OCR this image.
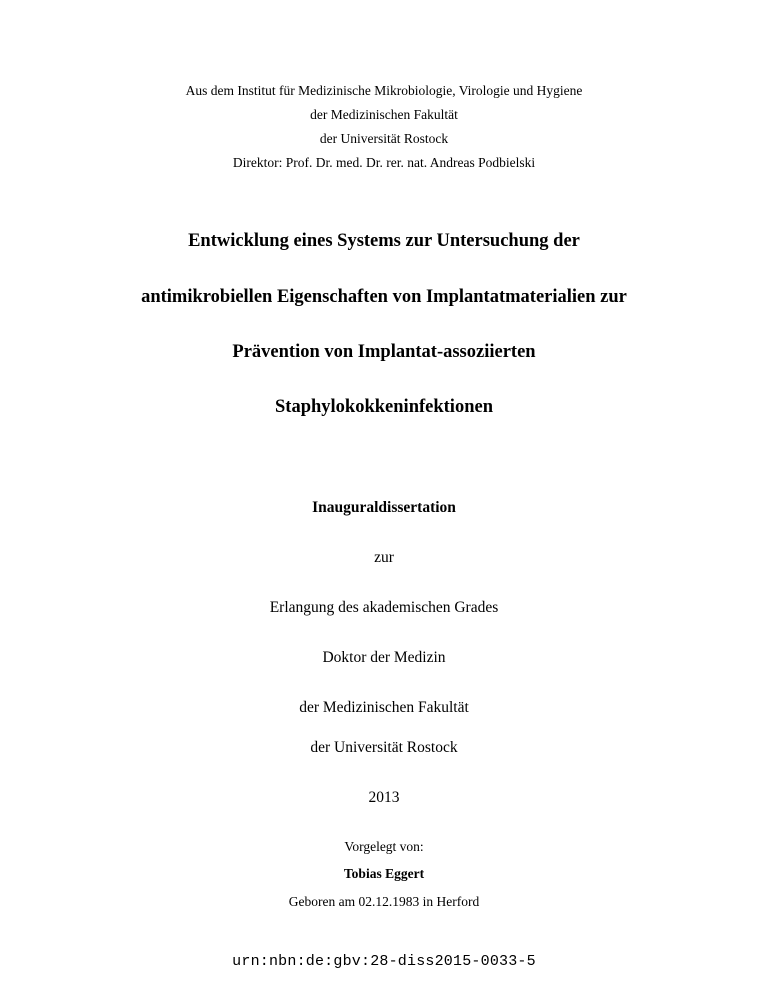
Aus dem Institut für Medizinische Mikrobiologie, Virologie und Hygiene
der Medizinischen Fakultät
der Universität Rostock
Direktor: Prof. Dr. med. Dr. rer. nat. Andreas Podbielski
Entwicklung eines Systems zur Untersuchung der
antimikrobiellen Eigenschaften von Implantatmaterialien zur
Prävention von Implantat-assoziierten
Staphylokokkeninfektionen
Inauguraldissertation
zur
Erlangung des akademischen Grades
Doktor der Medizin
der Medizinischen Fakultät
der Universität Rostock
2013
Vorgelegt von:
Tobias Eggert
Geboren am 02.12.1983 in Herford
urn:nbn:de:gbv:28-diss2015-0033-5
